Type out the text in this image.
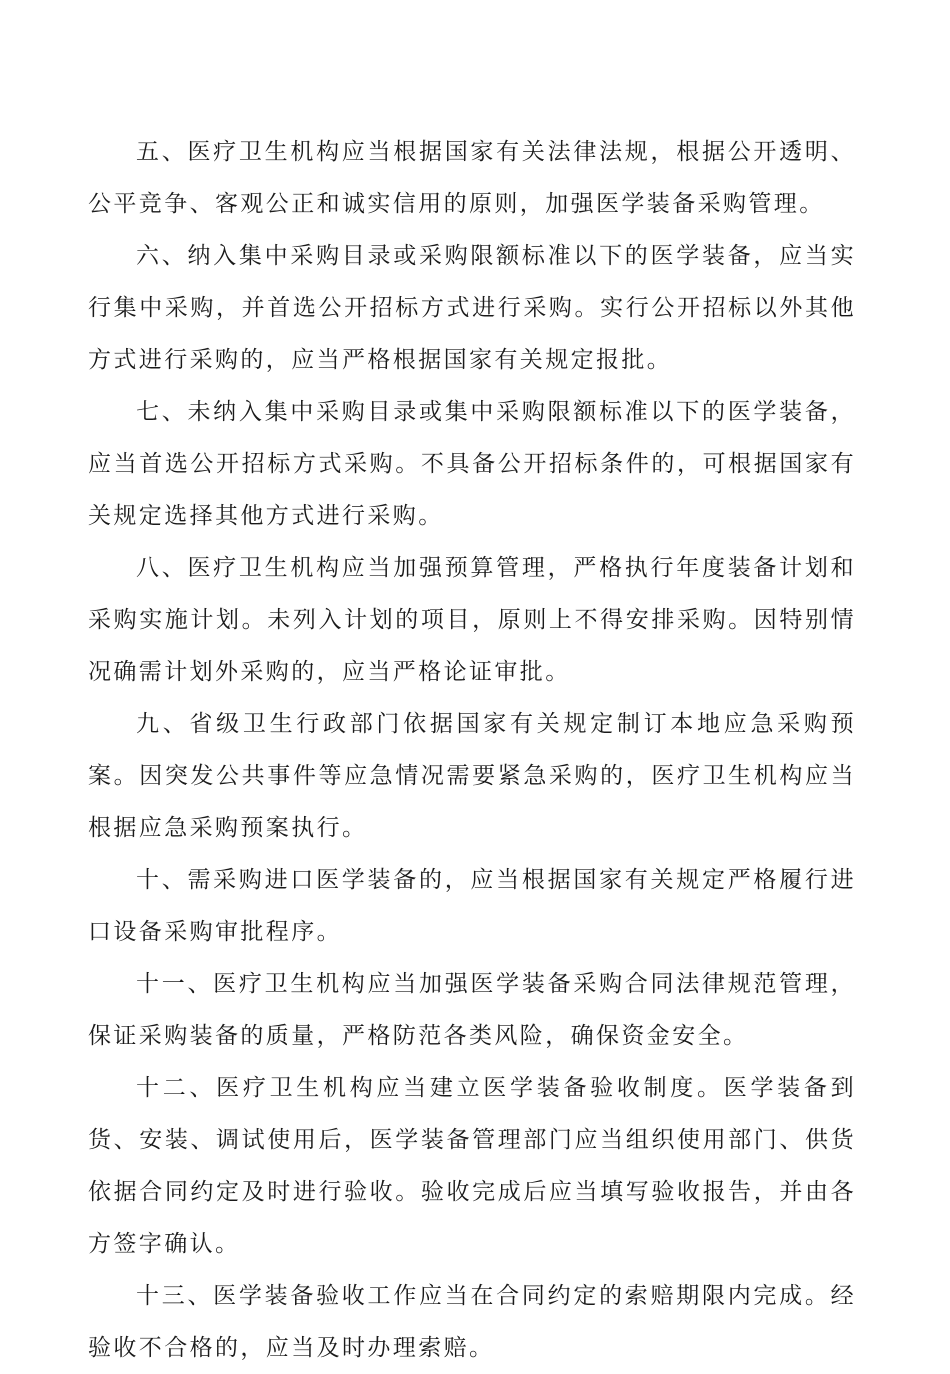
五、医疗卫生机构应当根据国家有关法律法规，根据公开透明、公平竞争、客观公正和诚实信用的原则，加强医学装备采购管理。

六、纳入集中采购目录或采购限额标准以下的医学装备，应当实行集中采购，并首选公开招标方式进行采购。实行公开招标以外其他方式进行采购的，应当严格根据国家有关规定报批。

七、未纳入集中采购目录或集中采购限额标准以下的医学装备，应当首选公开招标方式采购。不具备公开招标条件的，可根据国家有关规定选择其他方式进行采购。

八、医疗卫生机构应当加强预算管理，严格执行年度装备计划和采购实施计划。未列入计划的项目，原则上不得安排采购。因特别情况确需计划外采购的，应当严格论证审批。

九、省级卫生行政部门依据国家有关规定制订本地应急采购预案。因突发公共事件等应急情况需要紧急采购的，医疗卫生机构应当根据应急采购预案执行。

十、需采购进口医学装备的，应当根据国家有关规定严格履行进口设备采购审批程序。

十一、医疗卫生机构应当加强医学装备采购合同法律规范管理，保证采购装备的质量，严格防范各类风险，确保资金安全。

十二、医疗卫生机构应当建立医学装备验收制度。医学装备到货、安装、调试使用后，医学装备管理部门应当组织使用部门、供货依据合同约定及时进行验收。验收完成后应当填写验收报告，并由各方签字确认。

十三、医学装备验收工作应当在合同约定的索赔期限内完成。经验收不合格的，应当及时办理索赔。
